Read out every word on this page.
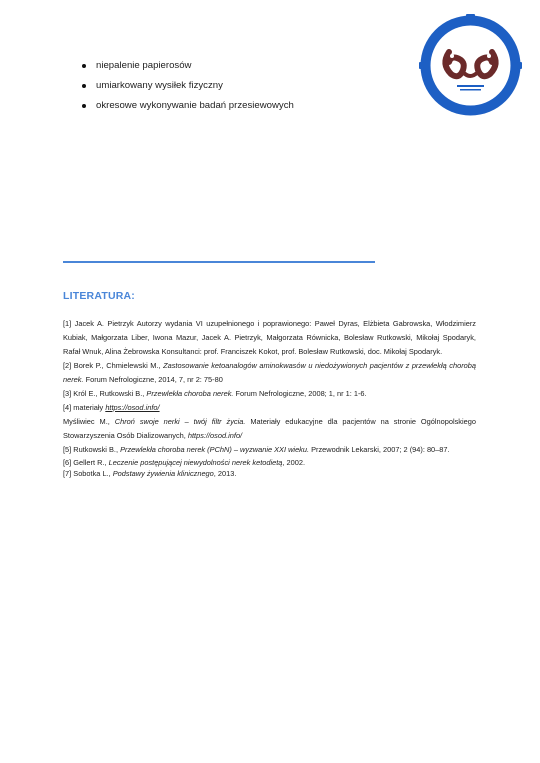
niepalenie papierosów
umiarkowany wysiłek fizyczny
okresowe wykonywanie badań przesiewowych
LITERATURA:

[1] Jacek A. Pietrzyk Autorzy wydania VI uzupełnionego i poprawionego: Paweł Dyras, Elżbieta Gabrowska, Włodzimierz Kubiak, Małgorzata Liber, Iwona Mazur, Jacek A. Pietrzyk, Małgorzata Równicka, Bolesław Rutkowski, Mikołaj Spodaryk, Rafał Wnuk, Alina Żebrowska Konsultanci: prof. Franciszek Kokot, prof. Bolesław Rutkowski, doc. Mikołaj Spodaryk.

[2] Borek P., Chmielewski M., Zastosowanie ketoanalogów aminokwasów u niedożywionych pacjentów z przewlekłą chorobą nerek. Forum Nefrologiczne, 2014, 7, nr 2: 75-80

[3] Król E., Rutkowski B., Przewlekła choroba nerek. Forum Nefrologiczne, 2008; 1, nr 1: 1-6.

[4] materiały https://osod.info/

Myśliwiec M., Chroń swoje nerki – twój filtr życia. Materiały edukacyjne dla pacjentów na stronie Ogólnopolskiego Stowarzyszenia Osób Dializowanych, https://osod.info/

[5] Rutkowski B., Przewlekła choroba nerek (PChN) – wyzwanie XXI wieku. Przewodnik Lekarski, 2007; 2 (94): 80–87.

[6] Gellert R., Leczenie postępującej niewydolności nerek ketodietą, 2002.

[7] Sobotka L., Podstawy żywienia klinicznego, 2013.
